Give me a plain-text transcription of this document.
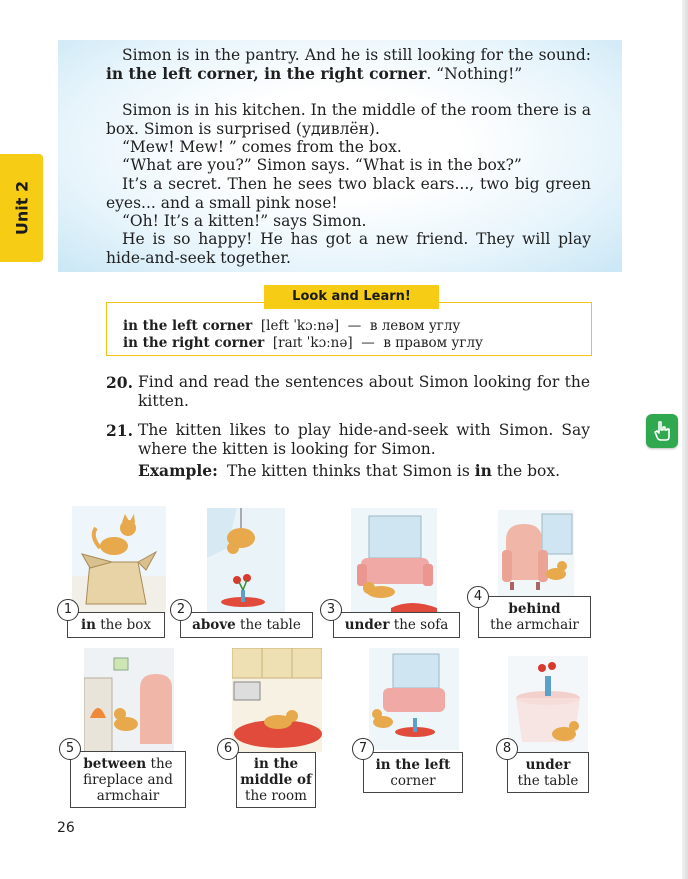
Unit 2

Simon is in the pantry. And he is still looking for the sound: in the left corner, in the right corner. “Nothing!”

Simon is in his kitchen. In the middle of the room there is a box. Simon is surprised (удивлён).

“Mew! Mew! ” comes from the box.

“What are you?” Simon says. “What is in the box?”

It’s a secret. Then he sees two black ears..., two big green eyes... and a small pink nose!

“Oh! It’s a kitten!” says Simon.

He is so happy! He has got a new friend. They will play hide-and-seek together.

Look and Learn!
in the left corner [left ˈkɔːnə] — в левом углу
in the right corner [raɪt ˈkɔːnə] — в правом углу
20. Find and read the sentences about Simon looking for the kitten.
21. The kitten likes to play hide-and-seek with Simon. Say where the kitten is looking for Simon.
Example: The kitten thinks that Simon is in the box.
in the box
1
above the table
2
under the sofa
3	behind
the armchair
4
between the
fireplace and
armchair
5
in the
middle of
the room
6
in the left
corner
7
under
the table
8
26
